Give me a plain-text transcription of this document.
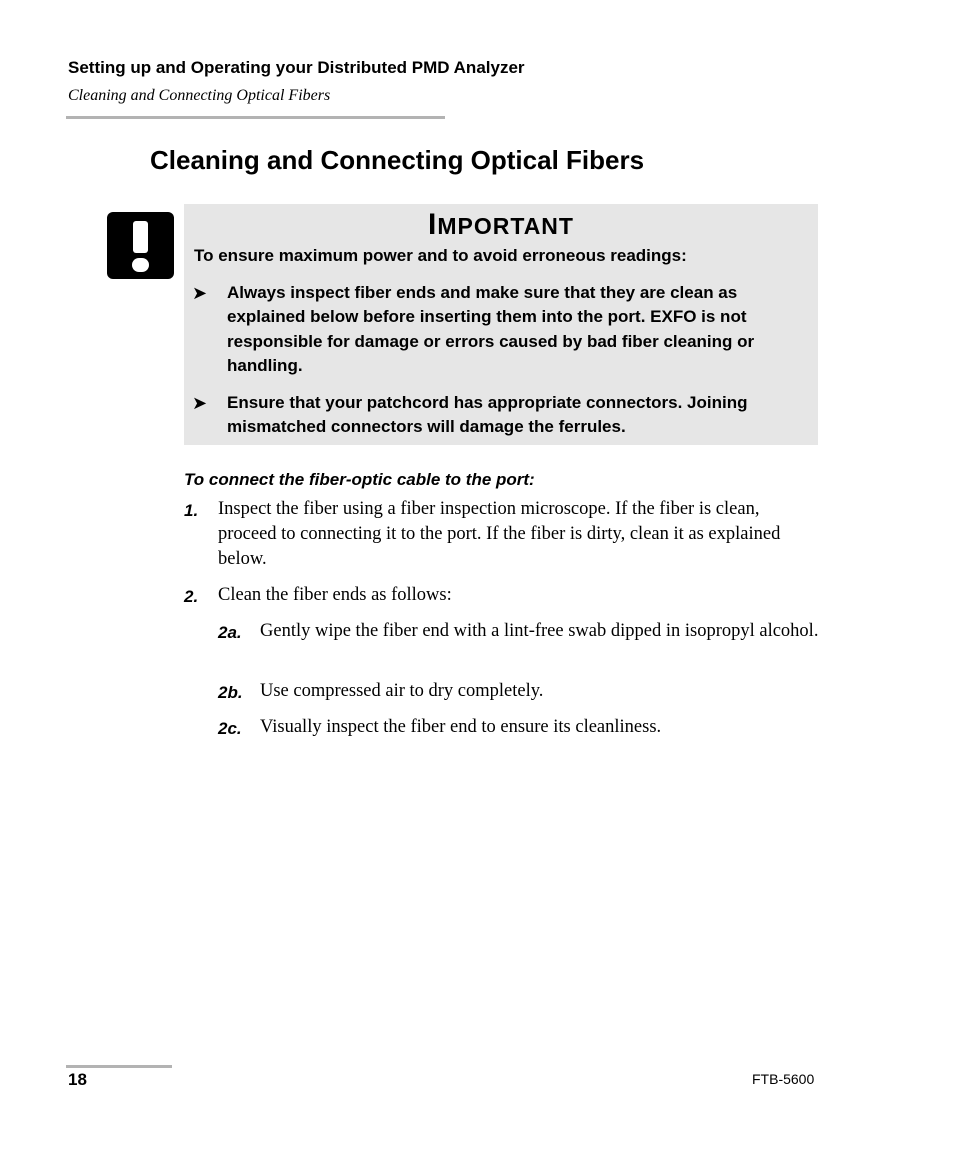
Setting up and Operating your Distributed PMD Analyzer
Cleaning and Connecting Optical Fibers
Cleaning and Connecting Optical Fibers
IMPORTANT
To ensure maximum power and to avoid erroneous readings:
➤ Always inspect fiber ends and make sure that they are clean as explained below before inserting them into the port. EXFO is not responsible for damage or errors caused by bad fiber cleaning or handling.
➤ Ensure that your patchcord has appropriate connectors. Joining mismatched connectors will damage the ferrules.
To connect the fiber-optic cable to the port:
1. Inspect the fiber using a fiber inspection microscope. If the fiber is clean, proceed to connecting it to the port. If the fiber is dirty, clean it as explained below.
2. Clean the fiber ends as follows:
2a. Gently wipe the fiber end with a lint-free swab dipped in isopropyl alcohol.
2b. Use compressed air to dry completely.
2c. Visually inspect the fiber end to ensure its cleanliness.
18	FTB-5600
